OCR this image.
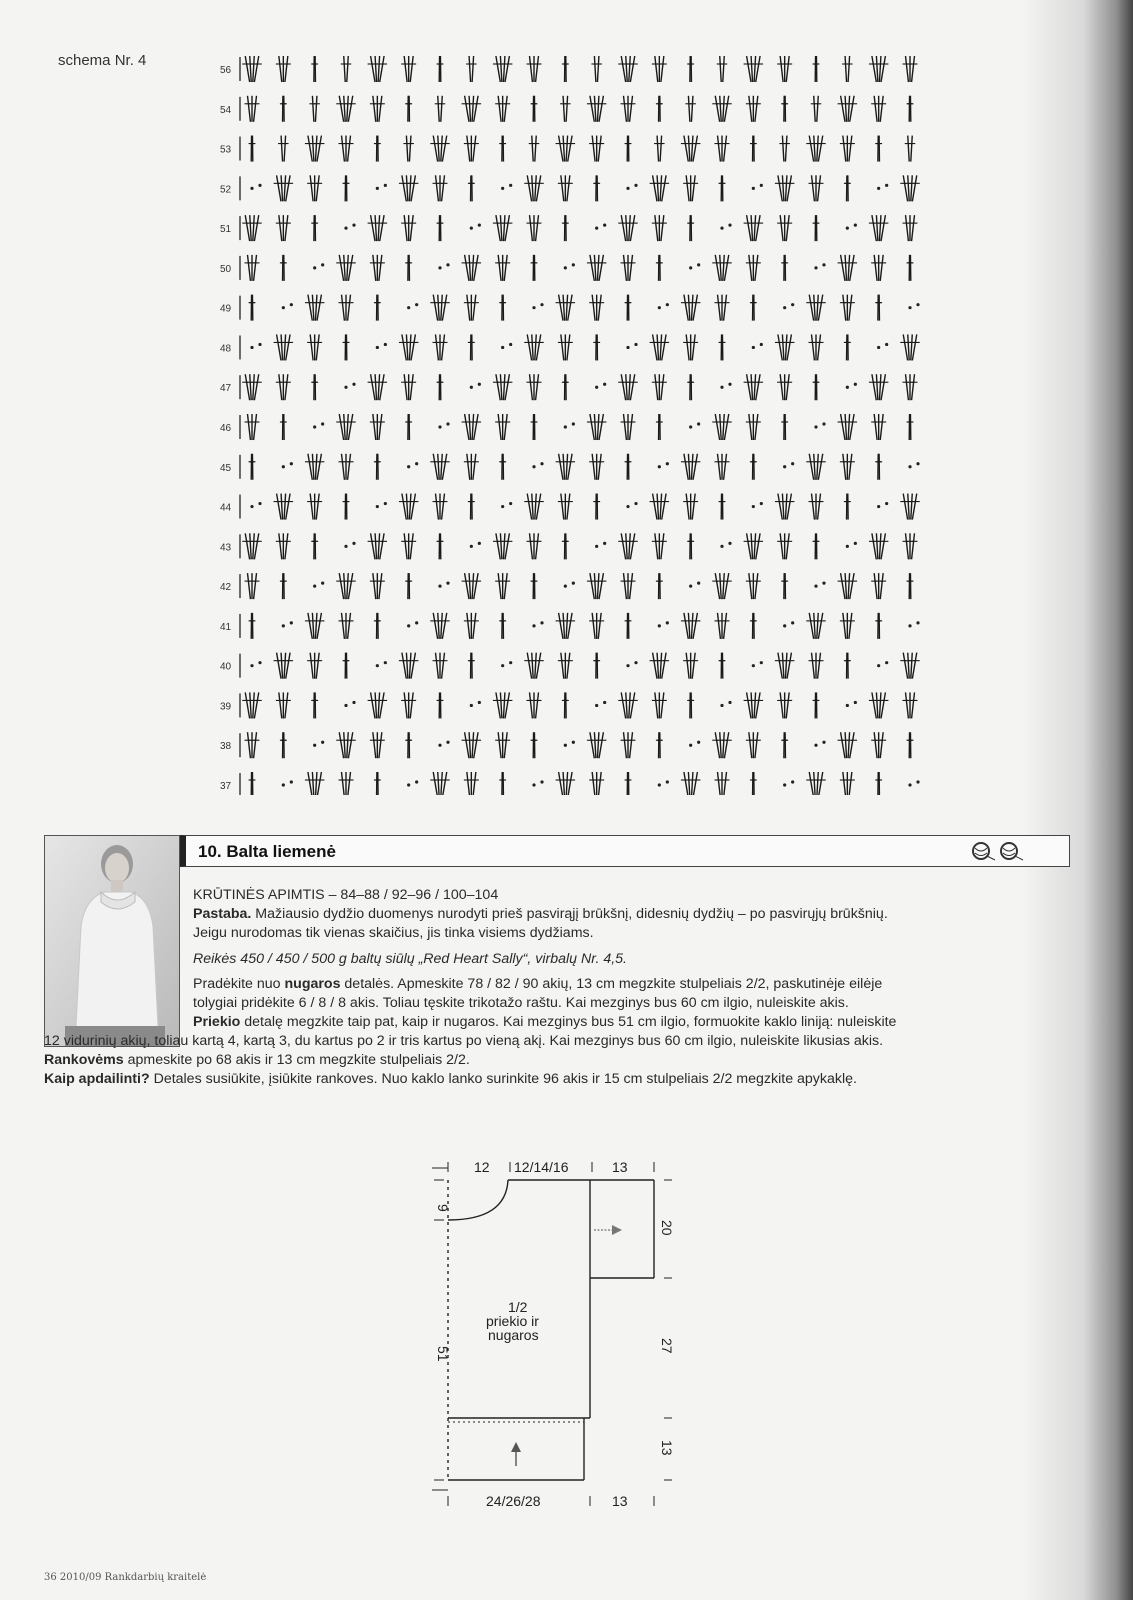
schema Nr. 4
56
54
53
52
51
50
49
48
47
46
45
44
43
42
41
40
39
38
37
10. Balta liemenė
KRŪTINĖS APIMTIS – 84–88 / 92–96 / 100–104
Pastaba. Mažiausio dydžio duomenys nurodyti prieš pasvirąjį brūkšnį, didesnių dydžių – po pasvirųjų brūkšnių.
Jeigu nurodomas tik vienas skaičius, jis tinka visiems dydžiams.
Reikės 450 / 450 / 500 g baltų siūlų „Red Heart Sally“, virbalų Nr. 4,5.
Pradėkite nuo nugaros detalės. Apmeskite 78 / 82 / 90 akių, 13 cm megzkite stulpeliais 2/2, paskutinėje eilėje
tolygiai pridėkite 6 / 8 / 8 akis. Toliau tęskite trikotažo raštu. Kai mezginys bus 60 cm ilgio, nuleiskite akis.
Priekio detalę megzkite taip pat, kaip ir nugaros. Kai mezginys bus 51 cm ilgio, formuokite kaklo liniją: nuleiskite
12 vidurinių akių, toliau kartą 4, kartą 3, du kartus po 2 ir tris kartus po vieną akį. Kai mezginys bus 60 cm ilgio, nuleiskite likusias akis.
Rankovėms apmeskite po 68 akis ir 13 cm megzkite stulpeliais 2/2.
Kaip apdailinti? Detales susiūkite, įsiūkite rankoves. Nuo kaklo lanko surinkite 96 akis ir 15 cm stulpeliais 2/2 megzkite apykaklę.
12 12/14/16	13
9
51
20
27
13
24/26/28	13
1/2
priekio ir
nugaros
36 2010/09 Rankdarbių kraitelė
